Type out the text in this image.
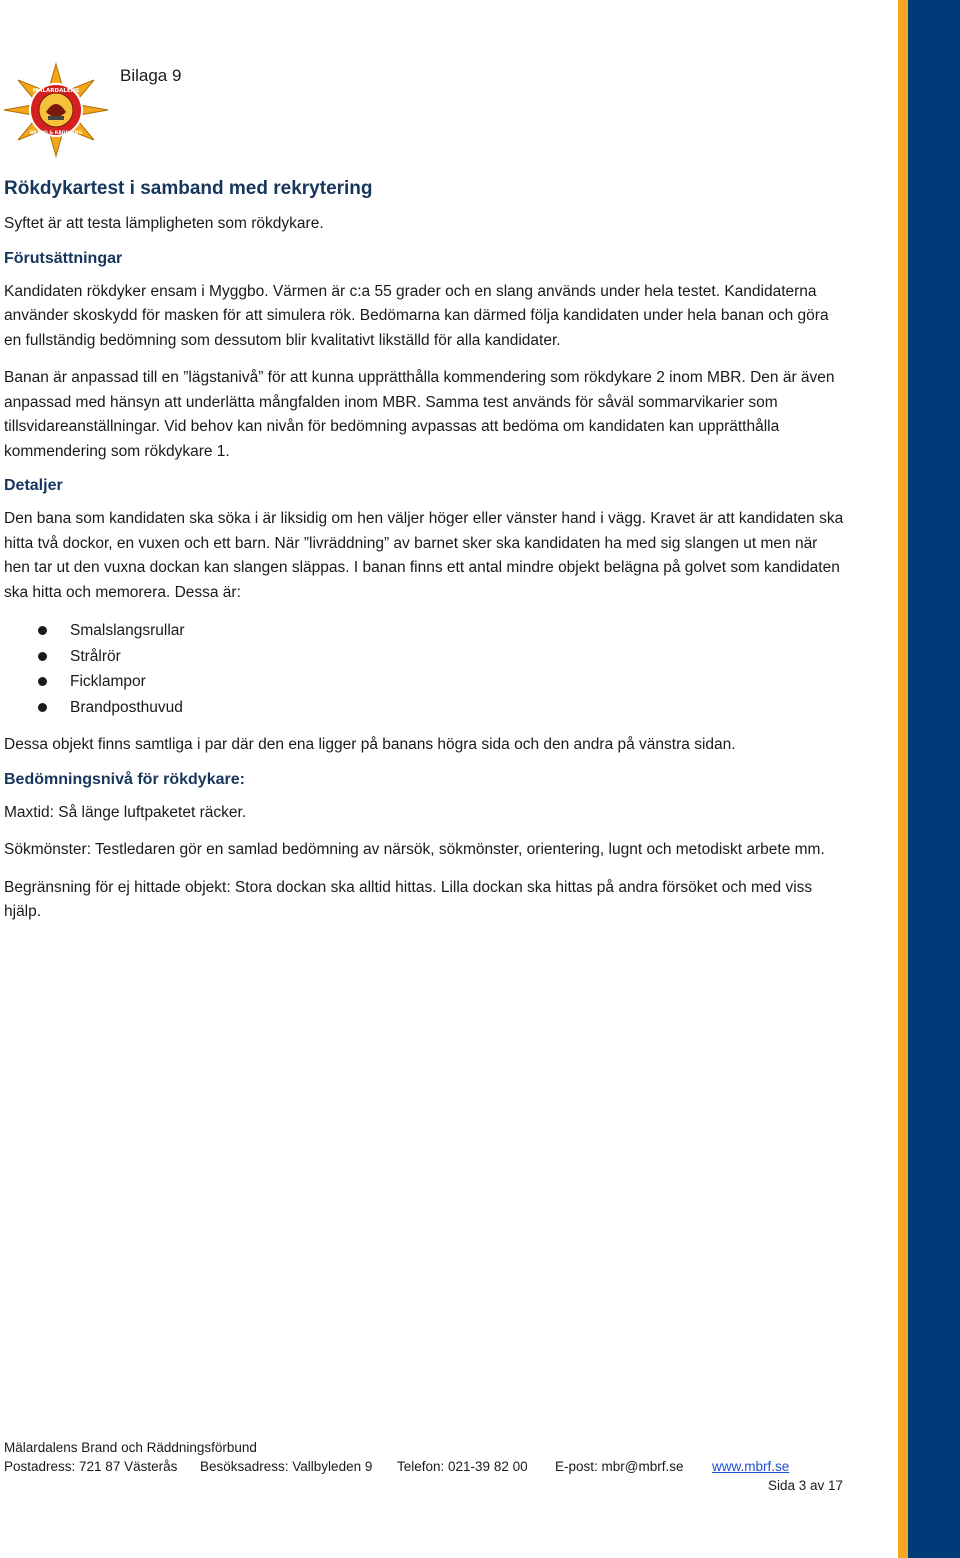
MÄLARDALENS
BRAND & RÄDDNING
Bilaga 9
Rökdykartest i samband med rekrytering

Syftet är att testa lämpligheten som rökdykare.

Förutsättningar

Kandidaten rökdyker ensam i Myggbo. Värmen är c:a 55 grader och en slang används under hela testet. Kandidaterna använder skoskydd för masken för att simulera rök. Bedömarna kan därmed följa kandidaten under hela banan och göra en fullständig bedömning som dessutom blir kvalitativt likställd för alla kandidater.

Banan är anpassad till en ”lägstanivå” för att kunna upprätthålla kommendering som rökdykare 2 inom MBR. Den är även anpassad med hänsyn att underlätta mångfalden inom MBR. Samma test används för såväl sommarvikarier som tillsvidareanställningar. Vid behov kan nivån för bedömning avpassas att bedöma om kandidaten kan upprätthålla kommendering som rökdykare 1.

Detaljer

Den bana som kandidaten ska söka i är liksidig om hen väljer höger eller vänster hand i vägg. Kravet är att kandidaten ska hitta två dockor, en vuxen och ett barn. När ”livräddning” av barnet sker ska kandidaten ha med sig slangen ut men när hen tar ut den vuxna dockan kan slangen släppas. I banan finns ett antal mindre objekt belägna på golvet som kandidaten ska hitta och memorera. Dessa är:

Smalslangsrullar
Strålrör
Ficklampor
Brandposthuvud

Dessa objekt finns samtliga i par där den ena ligger på banans högra sida och den andra på vänstra sidan.

Bedömningsnivå för rökdykare:

Maxtid: Så länge luftpaketet räcker.

Sökmönster: Testledaren gör en samlad bedömning av närsök, sökmönster, orientering, lugnt och metodiskt arbete mm.

Begränsning för ej hittade objekt: Stora dockan ska alltid hittas. Lilla dockan ska hittas på andra försöket och med viss hjälp.

Mälardalens Brand och Räddningsförbund
Postadress: 721 87 Västerås Besöksadress: Vallbyleden 9 Telefon: 021-39 82 00 E-post: mbr@mbrf.se www.mbrf.se
Sida 3 av 17
